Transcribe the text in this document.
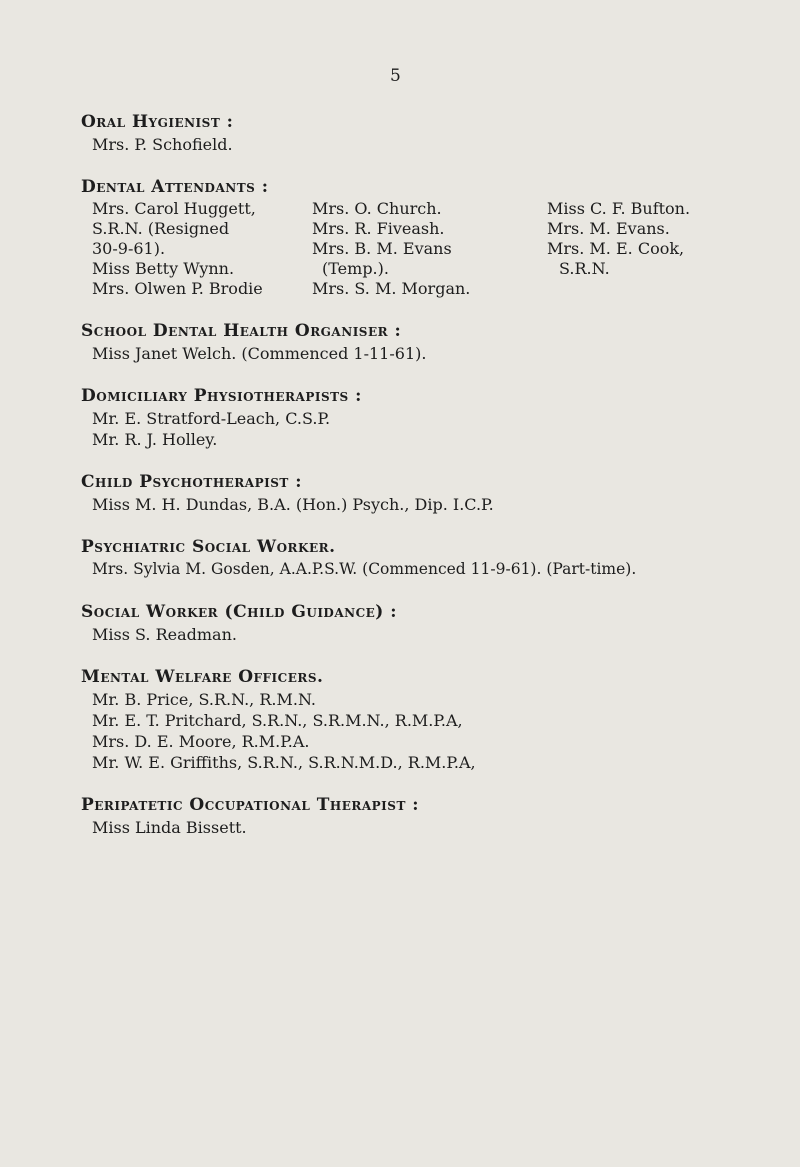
5
Oral Hygienist :
Mrs. P. Schofield.
Dental Attendants :
Mrs. Carol Huggett,
S.R.N. (Resigned
30-9-61).
Miss Betty Wynn.
Mrs. Olwen P. Brodie
Mrs. O. Church.
Mrs. R. Fiveash.
Mrs. B. M. Evans
(Temp.).
Mrs. S. M. Morgan.
Miss C. F. Bufton.
Mrs. M. Evans.
Mrs. M. E. Cook,
S.R.N.
School Dental Health Organiser :
Miss Janet Welch. (Commenced 1-11-61).
Domiciliary Physiotherapists :
Mr. E. Stratford-Leach, C.S.P.
Mr. R. J. Holley.
Child Psychotherapist :
Miss M. H. Dundas, B.A. (Hon.) Psych., Dip. I.C.P.
Psychiatric Social Worker.
Mrs. Sylvia M. Gosden, A.A.P.S.W. (Commenced 11-9-61). (Part-time).
Social Worker (Child Guidance) :
Miss S. Readman.
Mental Welfare Officers.
Mr. B. Price, S.R.N., R.M.N.
Mr. E. T. Pritchard, S.R.N., S.R.M.N., R.M.P.A,
Mrs. D. E. Moore, R.M.P.A.
Mr. W. E. Griffiths, S.R.N., S.R.N.M.D., R.M.P.A,
Peripatetic Occupational Therapist :
Miss Linda Bissett.
